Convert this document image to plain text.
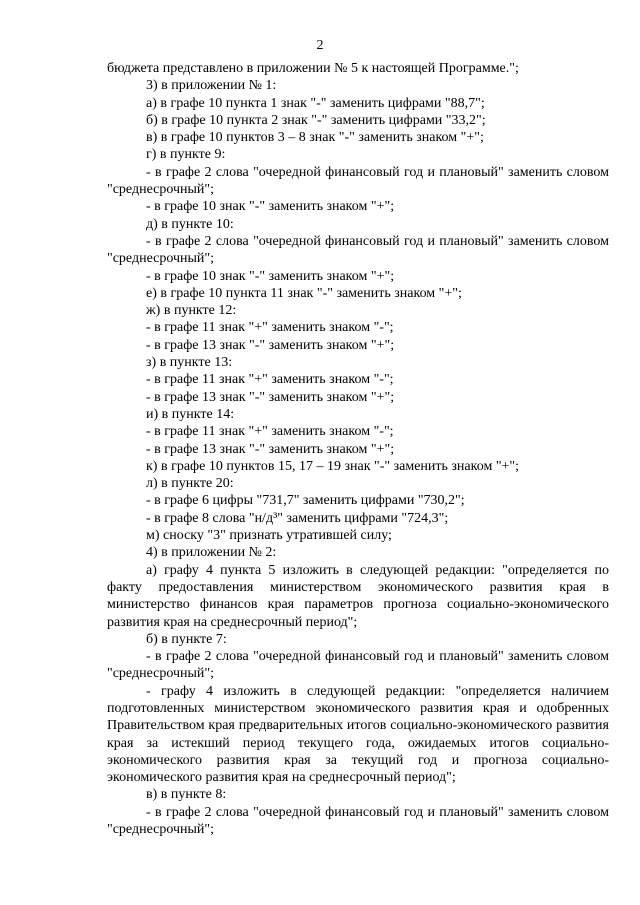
2

бюджета представлено в приложении № 5 к настоящей Программе.";

3) в приложении № 1:

а) в графе 10 пункта 1 знак "-" заменить цифрами "88,7";

б) в графе 10 пункта 2 знак "-" заменить цифрами "33,2";

в) в графе 10 пунктов 3 – 8 знак "-" заменить знаком "+";

г) в пункте 9:

- в графе 2 слова "очередной финансовый год и плановый" заменить словом "среднесрочный";

- в графе 10 знак "-" заменить знаком "+";

д) в пункте 10:

- в графе 2 слова "очередной финансовый год и плановый" заменить словом "среднесрочный";

- в графе 10 знак "-" заменить знаком "+";

е) в графе 10 пункта 11 знак "-" заменить знаком "+";

ж) в пункте 12:

- в графе 11 знак "+" заменить знаком "-";

- в графе 13 знак "-" заменить знаком "+";

з) в пункте 13:

- в графе 11 знак "+" заменить знаком "-";

- в графе 13 знак "-" заменить знаком "+";

и) в пункте 14:

- в графе 11 знак "+" заменить знаком "-";

- в графе 13 знак "-" заменить знаком "+";

к) в графе 10 пунктов 15, 17 – 19 знак "-" заменить знаком "+";

л) в пункте 20:

- в графе 6 цифры "731,7" заменить цифрами "730,2";

- в графе 8 слова "н/д³" заменить цифрами "724,3";

м) сноску "3" признать утратившей силу;

4) в приложении № 2:

а) графу 4 пункта 5 изложить в следующей редакции: "определяется по факту предоставления министерством экономического развития края в министерство финансов края параметров прогноза социально-экономического развития края на среднесрочный период";

б) в пункте 7:

- в графе 2 слова "очередной финансовый год и плановый" заменить словом "среднесрочный";

- графу 4 изложить в следующей редакции: "определяется наличием подготовленных министерством экономического развития края и одобренных Правительством края предварительных итогов социально-экономического развития края за истекший период текущего года, ожидаемых итогов социально-экономического развития края за текущий год и прогноза социально-экономического развития края на среднесрочный период";

в) в пункте 8:

- в графе 2 слова "очередной финансовый год и плановый" заменить словом "среднесрочный";
